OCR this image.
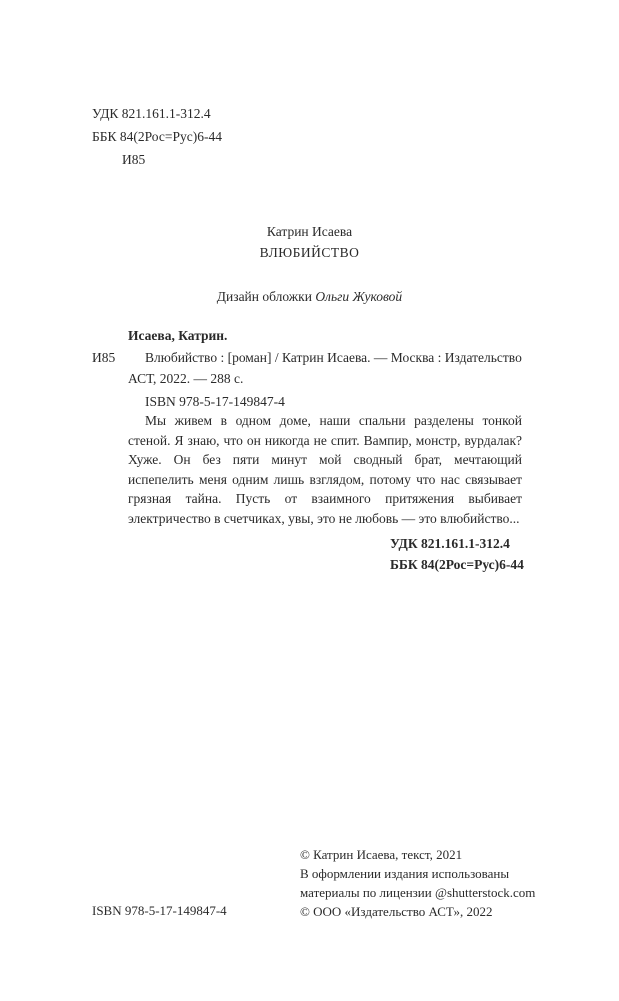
УДК 821.161.1-312.4
ББК 84(2Рос=Рус)6-44
И85
Катрин Исаева
ВЛЮБИЙСТВО
Дизайн обложки Ольги Жуковой
Исаева, Катрин.
И85 Влюбийство : [роман] / Катрин Исаева. — Москва : Издательство
АСТ, 2022. — 288 с.
ISBN 978-5-17-149847-4
Мы живем в одном доме, наши спальни разделены тонкой стеной. Я знаю, что он никогда не спит. Вампир, монстр, вурдалак? Хуже. Он без пяти минут мой сводный брат, мечтающий испепелить меня одним лишь взглядом, потому что нас связывает грязная тайна. Пусть от взаимного притяжения выбивает электричество в счетчиках, увы, это не любовь — это влюбийство...
УДК 821.161.1-312.4
ББК 84(2Рос=Рус)6-44
ISBN 978-5-17-149847-4
© Катрин Исаева, текст, 2021
В оформлении издания использованы
материалы по лицензии @shutterstock.com
© ООО «Издательство АСТ», 2022
